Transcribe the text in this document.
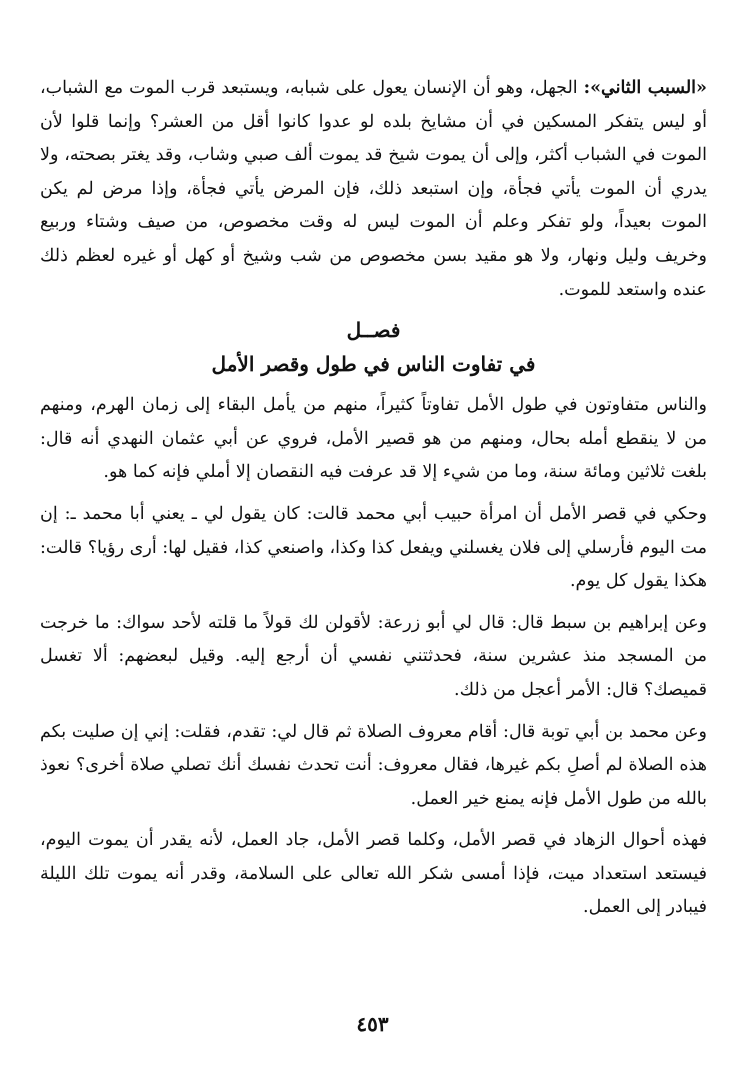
«السبب الثاني»: الجهل، وهو أن الإنسان يعول على شبابه، ويستبعد قرب الموت مع الشباب، أو ليس يتفكر المسكين في أن مشايخ بلده لو عدوا كانوا أقل من العشر؟ وإنما قلوا لأن الموت في الشباب أكثر، وإلى أن يموت شيخ قد يموت ألف صبي وشاب، وقد يغتر بصحته، ولا يدري أن الموت يأتي فجأة، وإن استبعد ذلك، فإن المرض يأتي فجأة، وإذا مرض لم يكن الموت بعيداً، ولو تفكر وعلم أن الموت ليس له وقت مخصوص، من صيف وشتاء وربيع وخريف وليل ونهار، ولا هو مقيد بسن مخصوص من شب وشيخ أو كهل أو غيره لعظم ذلك عنده واستعد للموت.

فصــل
في تفاوت الناس في طول وقصر الأمل

والناس متفاوتون في طول الأمل تفاوتاً كثيراً، منهم من يأمل البقاء إلى زمان الهرم، ومنهم من لا ينقطع أمله بحال، ومنهم من هو قصير الأمل، فروي عن أبي عثمان النهدي أنه قال: بلغت ثلاثين ومائة سنة، وما من شيء إلا قد عرفت فيه النقصان إلا أملي فإنه كما هو.

وحكي في قصر الأمل أن امرأة حبيب أبي محمد قالت: كان يقول لي ـ يعني أبا محمد ـ: إن مت اليوم فأرسلي إلى فلان يغسلني ويفعل كذا وكذا، واصنعي كذا، فقيل لها: أرى رؤيا؟ قالت: هكذا يقول كل يوم.

وعن إبراهيم بن سبط قال: قال لي أبو زرعة: لأقولن لك قولاً ما قلته لأحد سواك: ما خرجت من المسجد منذ عشرين سنة، فحدثتني نفسي أن أرجع إليه. وقيل لبعضهم: ألا تغسل قميصك؟ قال: الأمر أعجل من ذلك.

وعن محمد بن أبي توبة قال: أقام معروف الصلاة ثم قال لي: تقدم، فقلت: إني إن صليت بكم هذه الصلاة لم أصلِ بكم غيرها، فقال معروف: أنت تحدث نفسك أنك تصلي صلاة أخرى؟ نعوذ بالله من طول الأمل فإنه يمنع خير العمل.

فهذه أحوال الزهاد في قصر الأمل، وكلما قصر الأمل، جاد العمل، لأنه يقدر أن يموت اليوم، فيستعد استعداد ميت، فإذا أمسى شكر الله تعالى على السلامة، وقدر أنه يموت تلك الليلة فيبادر إلى العمل.

٤٥٣
